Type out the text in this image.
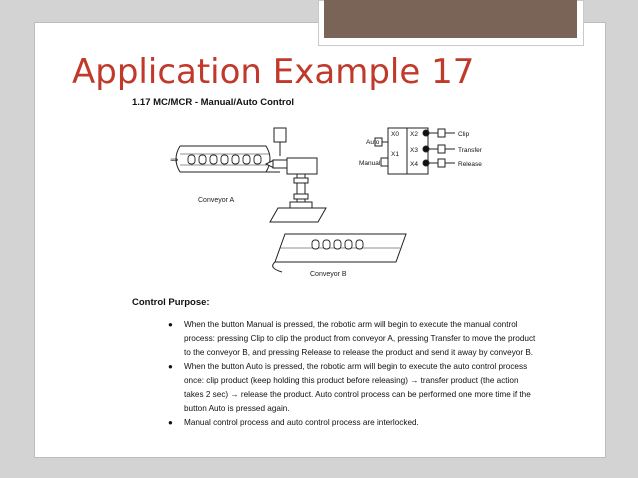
Application Example 17
1.17 MC/MCR - Manual/Auto Control
⇒
Conveyor A
Conveyor B
X0
X1
X2
X3
X4
Auto
Manual
Clip
Transfer
Release
Control Purpose:
● When the button Manual is pressed, the robotic arm will begin to execute the manual control process: pressing Clip to clip the product from conveyor A, pressing Transfer to move the product to the conveyor B, and pressing Release to release the product and send it away by conveyor B.
● When the button Auto is pressed, the robotic arm will begin to execute the auto control process once: clip product (keep holding this product before releasing) → transfer product (the action takes 2 sec) → release the product. Auto control process can be performed one more time if the button Auto is pressed again.
● Manual control process and auto control process are interlocked.
